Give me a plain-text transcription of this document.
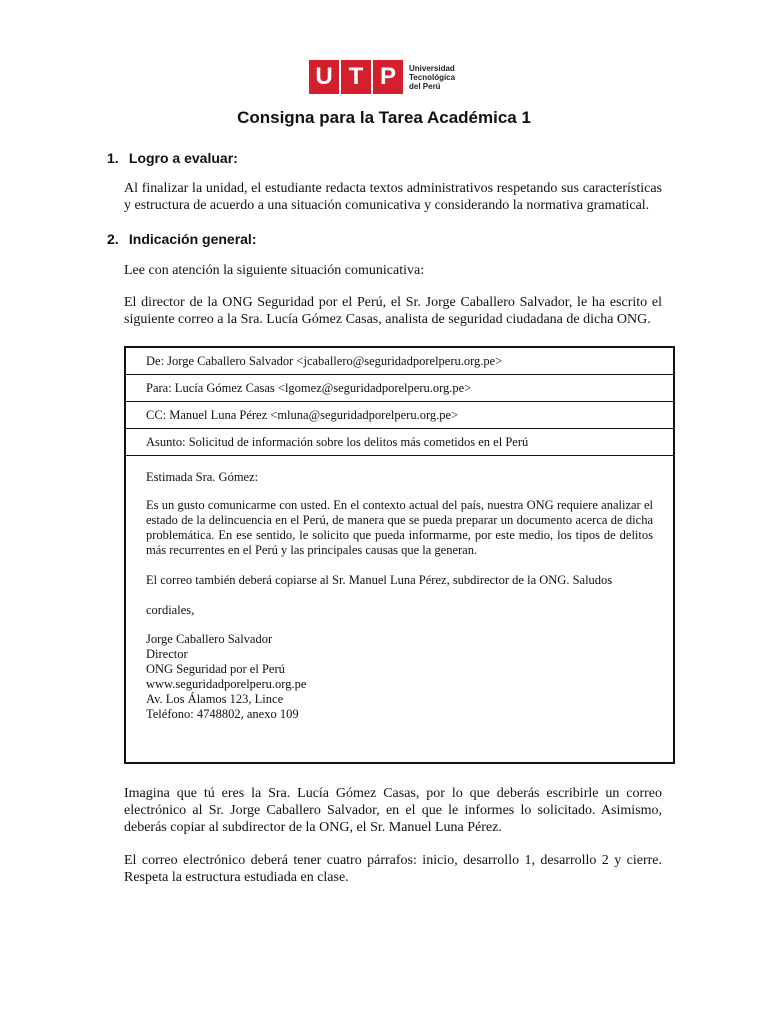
U T P	Universidad
Tecnológica
del Perú
Consigna para la Tarea Académica 1
1. Logro a evaluar:
Al finalizar la unidad, el estudiante redacta textos administrativos respetando sus características y estructura de acuerdo a una situación comunicativa y considerando la normativa gramatical.
2. Indicación general:
Lee con atención la siguiente situación comunicativa:
El director de la ONG Seguridad por el Perú, el Sr. Jorge Caballero Salvador, le ha escrito el siguiente correo a la Sra. Lucía Gómez Casas, analista de seguridad ciudadana de dicha ONG.
De: Jorge Caballero Salvador <jcaballero@seguridadporelperu.org.pe>
Para: Lucía Gómez Casas <lgomez@seguridadporelperu.org.pe>
CC: Manuel Luna Pérez <mluna@seguridadporelperu.org.pe>
Asunto: Solicitud de información sobre los delitos más cometidos en el Perú

Estimada Sra. Gómez:

Es un gusto comunicarme con usted. En el contexto actual del país, nuestra ONG requiere analizar el estado de la delincuencia en el Perú, de manera que se pueda preparar un documento acerca de dicha problemática. En ese sentido, le solicito que pueda informarme, por este medio, los tipos de delitos más recurrentes en el Perú y las principales causas que la generan.

El correo también deberá copiarse al Sr. Manuel Luna Pérez, subdirector de la ONG. Saludos

cordiales,

Jorge Caballero Salvador
Director
ONG Seguridad por el Perú
www.seguridadporelperu.org.pe
Av. Los Álamos 123, Lince
Teléfono: 4748802, anexo 109
Imagina que tú eres la Sra. Lucía Gómez Casas, por lo que deberás escribirle un correo electrónico al Sr. Jorge Caballero Salvador, en el que le informes lo solicitado. Asimismo, deberás copiar al subdirector de la ONG, el Sr. Manuel Luna Pérez.
El correo electrónico deberá tener cuatro párrafos: inicio, desarrollo 1, desarrollo 2 y cierre. Respeta la estructura estudiada en clase.
